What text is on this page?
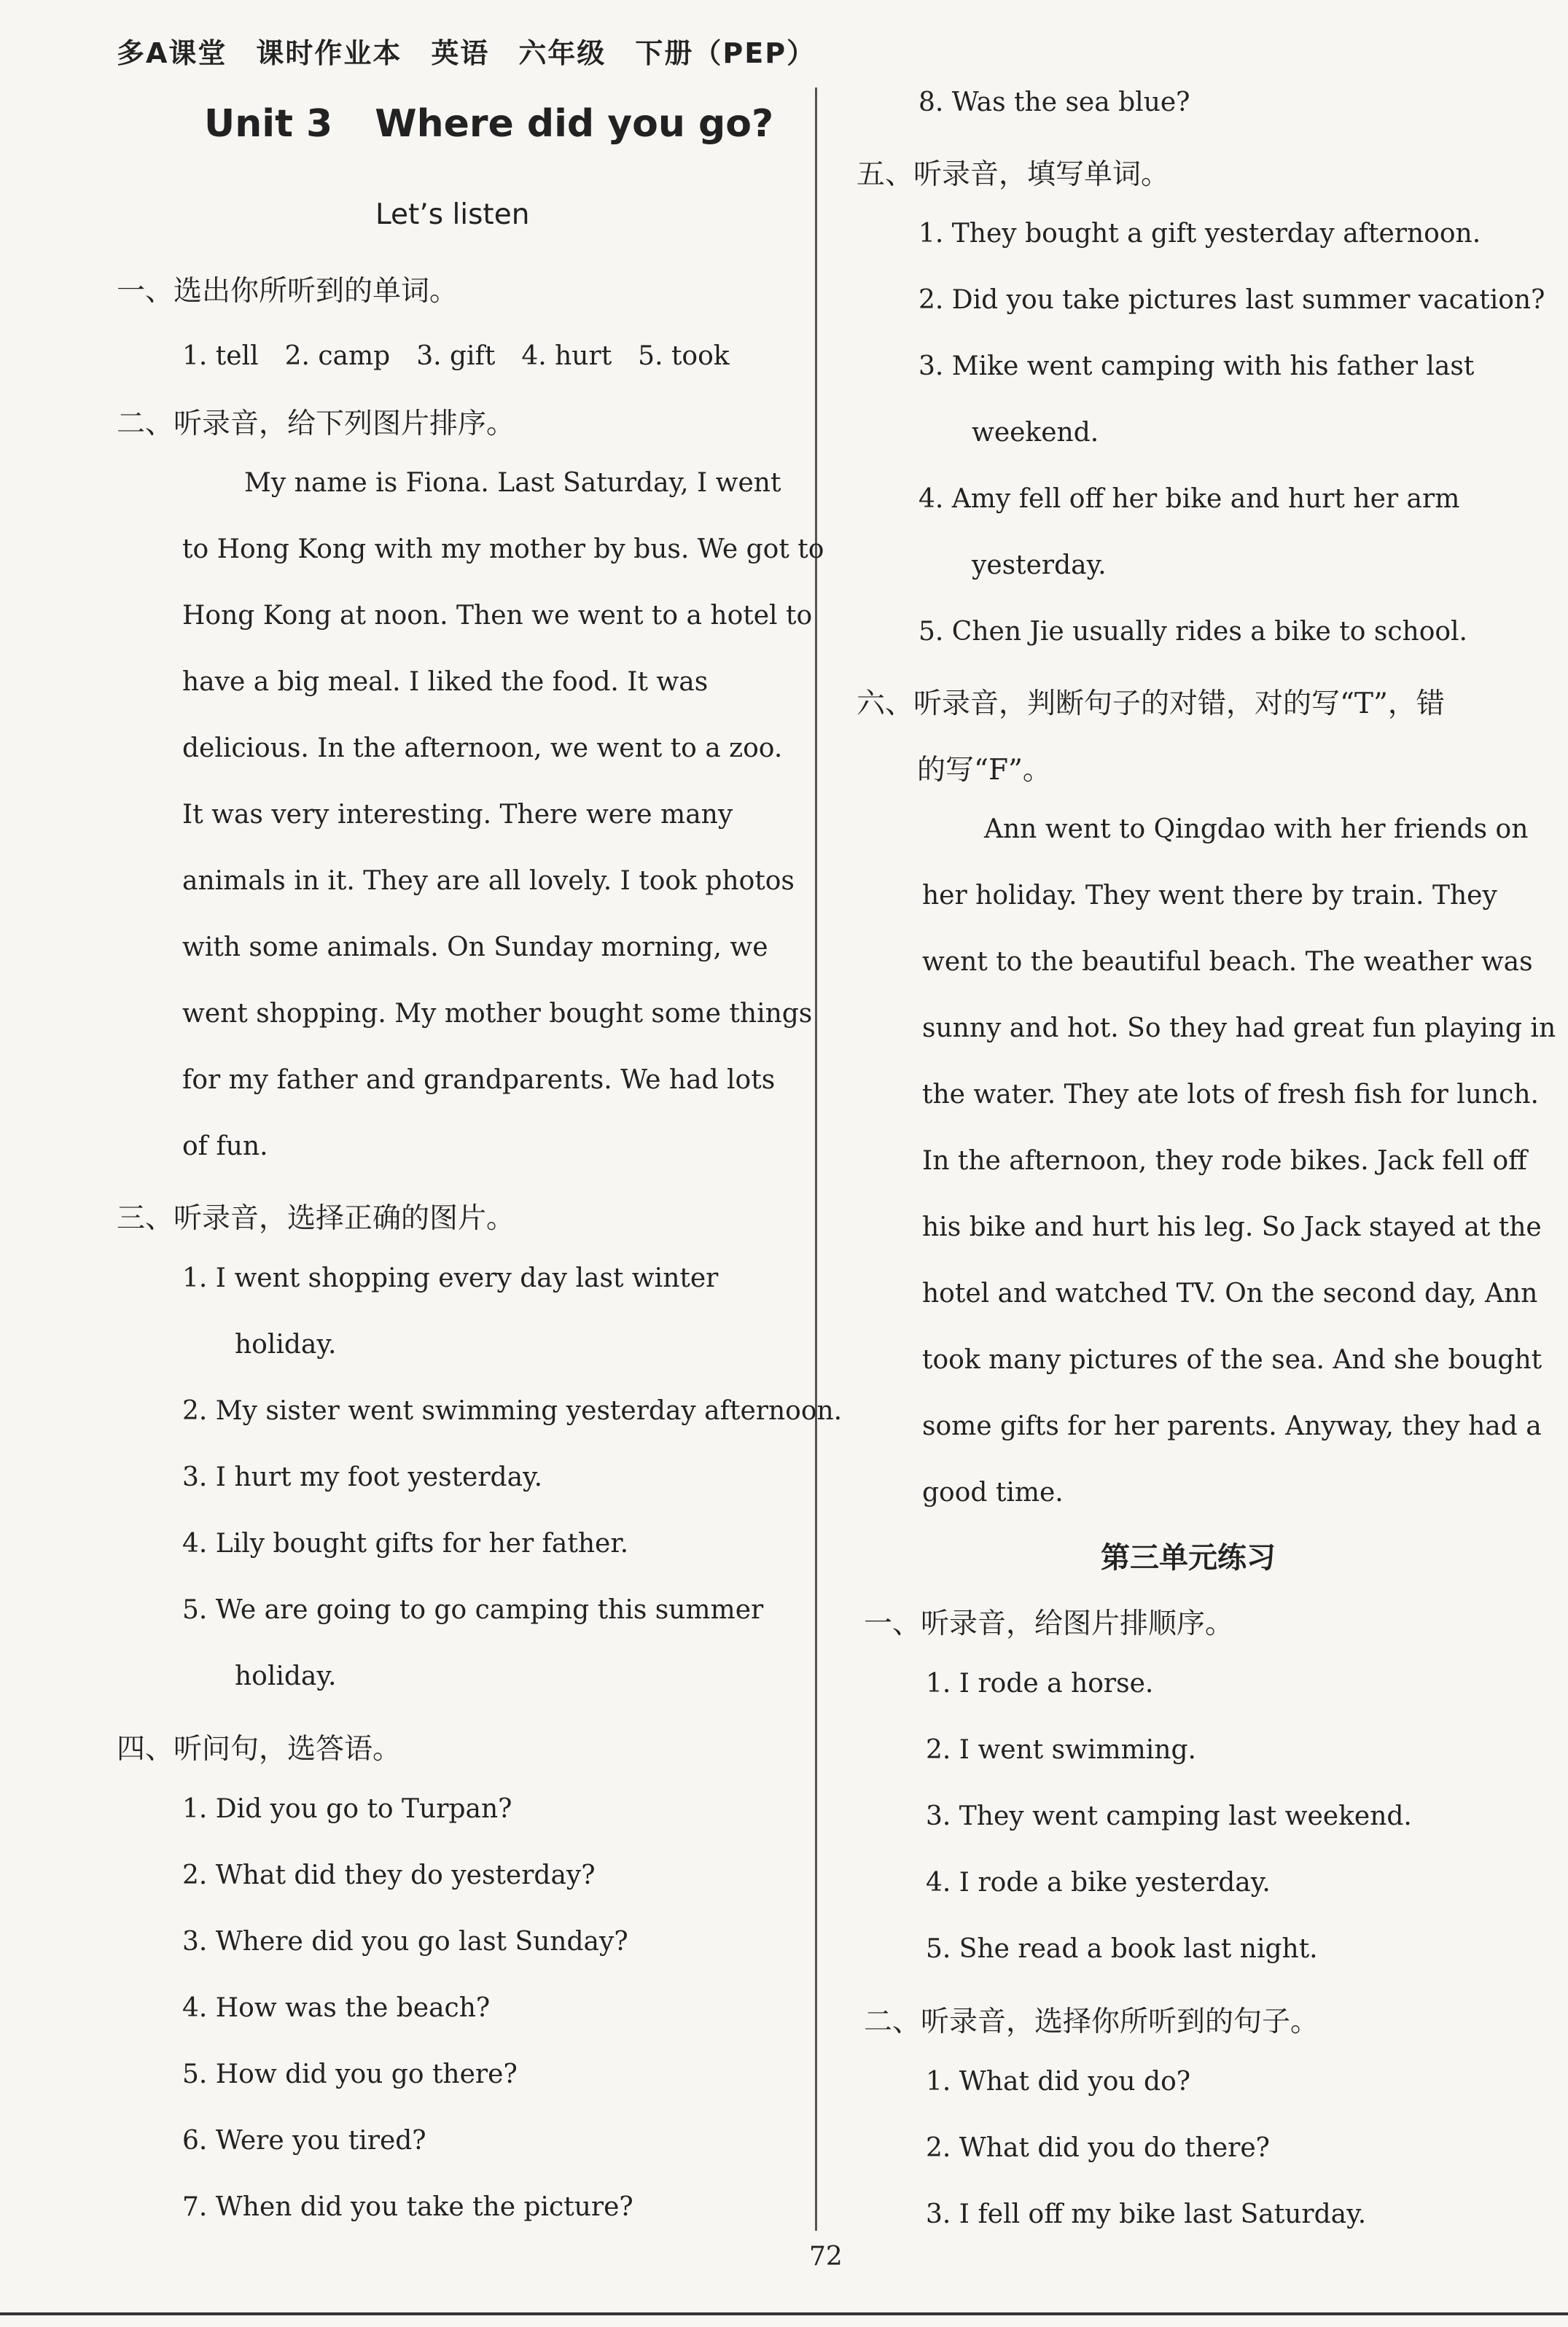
多A课堂　课时作业本　英语　六年级　下册（PEP）
Unit 3 Where did you go?
Let’s listen
一、选出你所听到的单词。
1. tell　2. camp　3. gift　4. hurt　5. took
二、听录音，给下列图片排序。
My name is Fiona. Last Saturday, I went
to Hong Kong with my mother by bus. We got to
Hong Kong at noon. Then we went to a hotel to
have a big meal. I liked the food. It was
delicious. In the afternoon, we went to a zoo.
It was very interesting. There were many
animals in it. They are all lovely. I took photos
with some animals. On Sunday morning, we
went shopping. My mother bought some things
for my father and grandparents. We had lots
of fun.
三、听录音，选择正确的图片。
1. I went shopping every day last winter
holiday.
2. My sister went swimming yesterday afternoon.
3. I hurt my foot yesterday.
4. Lily bought gifts for her father.
5. We are going to go camping this summer
holiday.
四、听问句，选答语。
1. Did you go to Turpan?
2. What did they do yesterday?
3. Where did you go last Sunday?
4. How was the beach?
5. How did you go there?
6. Were you tired?
7. When did you take the picture?
8. Was the sea blue?
五、听录音，填写单词。
1. They bought a gift yesterday afternoon.
2. Did you take pictures last summer vacation?
3. Mike went camping with his father last
weekend.
4. Amy fell off her bike and hurt her arm
yesterday.
5. Chen Jie usually rides a bike to school.
六、听录音，判断句子的对错，对的写“T”，错
的写“F”。
Ann went to Qingdao with her friends on
her holiday. They went there by train. They
went to the beautiful beach. The weather was
sunny and hot. So they had great fun playing in
the water. They ate lots of fresh fish for lunch.
In the afternoon, they rode bikes. Jack fell off
his bike and hurt his leg. So Jack stayed at the
hotel and watched TV. On the second day, Ann
took many pictures of the sea. And she bought
some gifts for her parents. Anyway, they had a
good time.
第三单元练习
一、听录音，给图片排顺序。
1. I rode a horse.
2. I went swimming.
3. They went camping last weekend.
4. I rode a bike yesterday.
5. She read a book last night.
二、听录音，选择你所听到的句子。
1. What did you do?
2. What did you do there?
3. I fell off my bike last Saturday.
72
